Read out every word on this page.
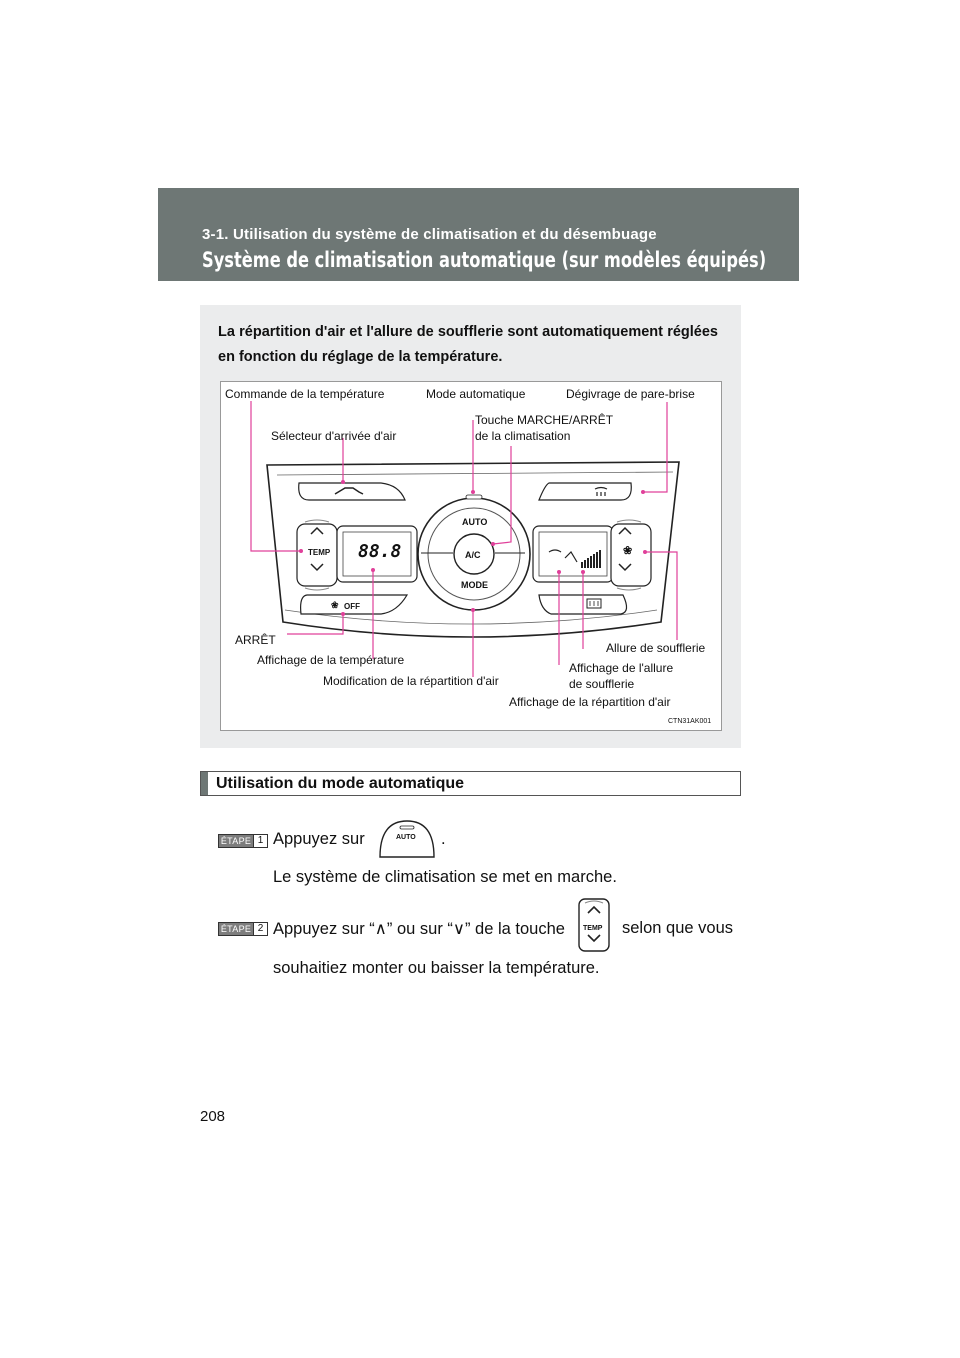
3-1. Utilisation du système de climatisation et du désembuage
Système de climatisation automatique (sur modèles équipés)
La répartition d'air et l'allure de soufflerie sont automatiquement réglées en fonction du réglage de la température.
❀
❀
AUTO
A/C
MODE
TEMP
OFF
88.8
Commande de la température	Mode automatique	Dégivrage de pare-brise
Sélecteur d'arrivée d'air
Touche MARCHE/ARRÊT
de la climatisation
ARRÊT
Allure de soufflerie
Affichage de la température
Affichage de l'allure
de soufflerie
Modification de la répartition d'air
Affichage de la répartition d'air
CTN31AK001
Utilisation du mode automatique
ÉTAPE 1 Appuyez sur	AUTO .
Le système de climatisation se met en marche.
ÉTAPE 2 Appuyez sur “∧” ou sur “∨” de la touche	TEMP selon que vous
souhaitiez monter ou baisser la température.
208
